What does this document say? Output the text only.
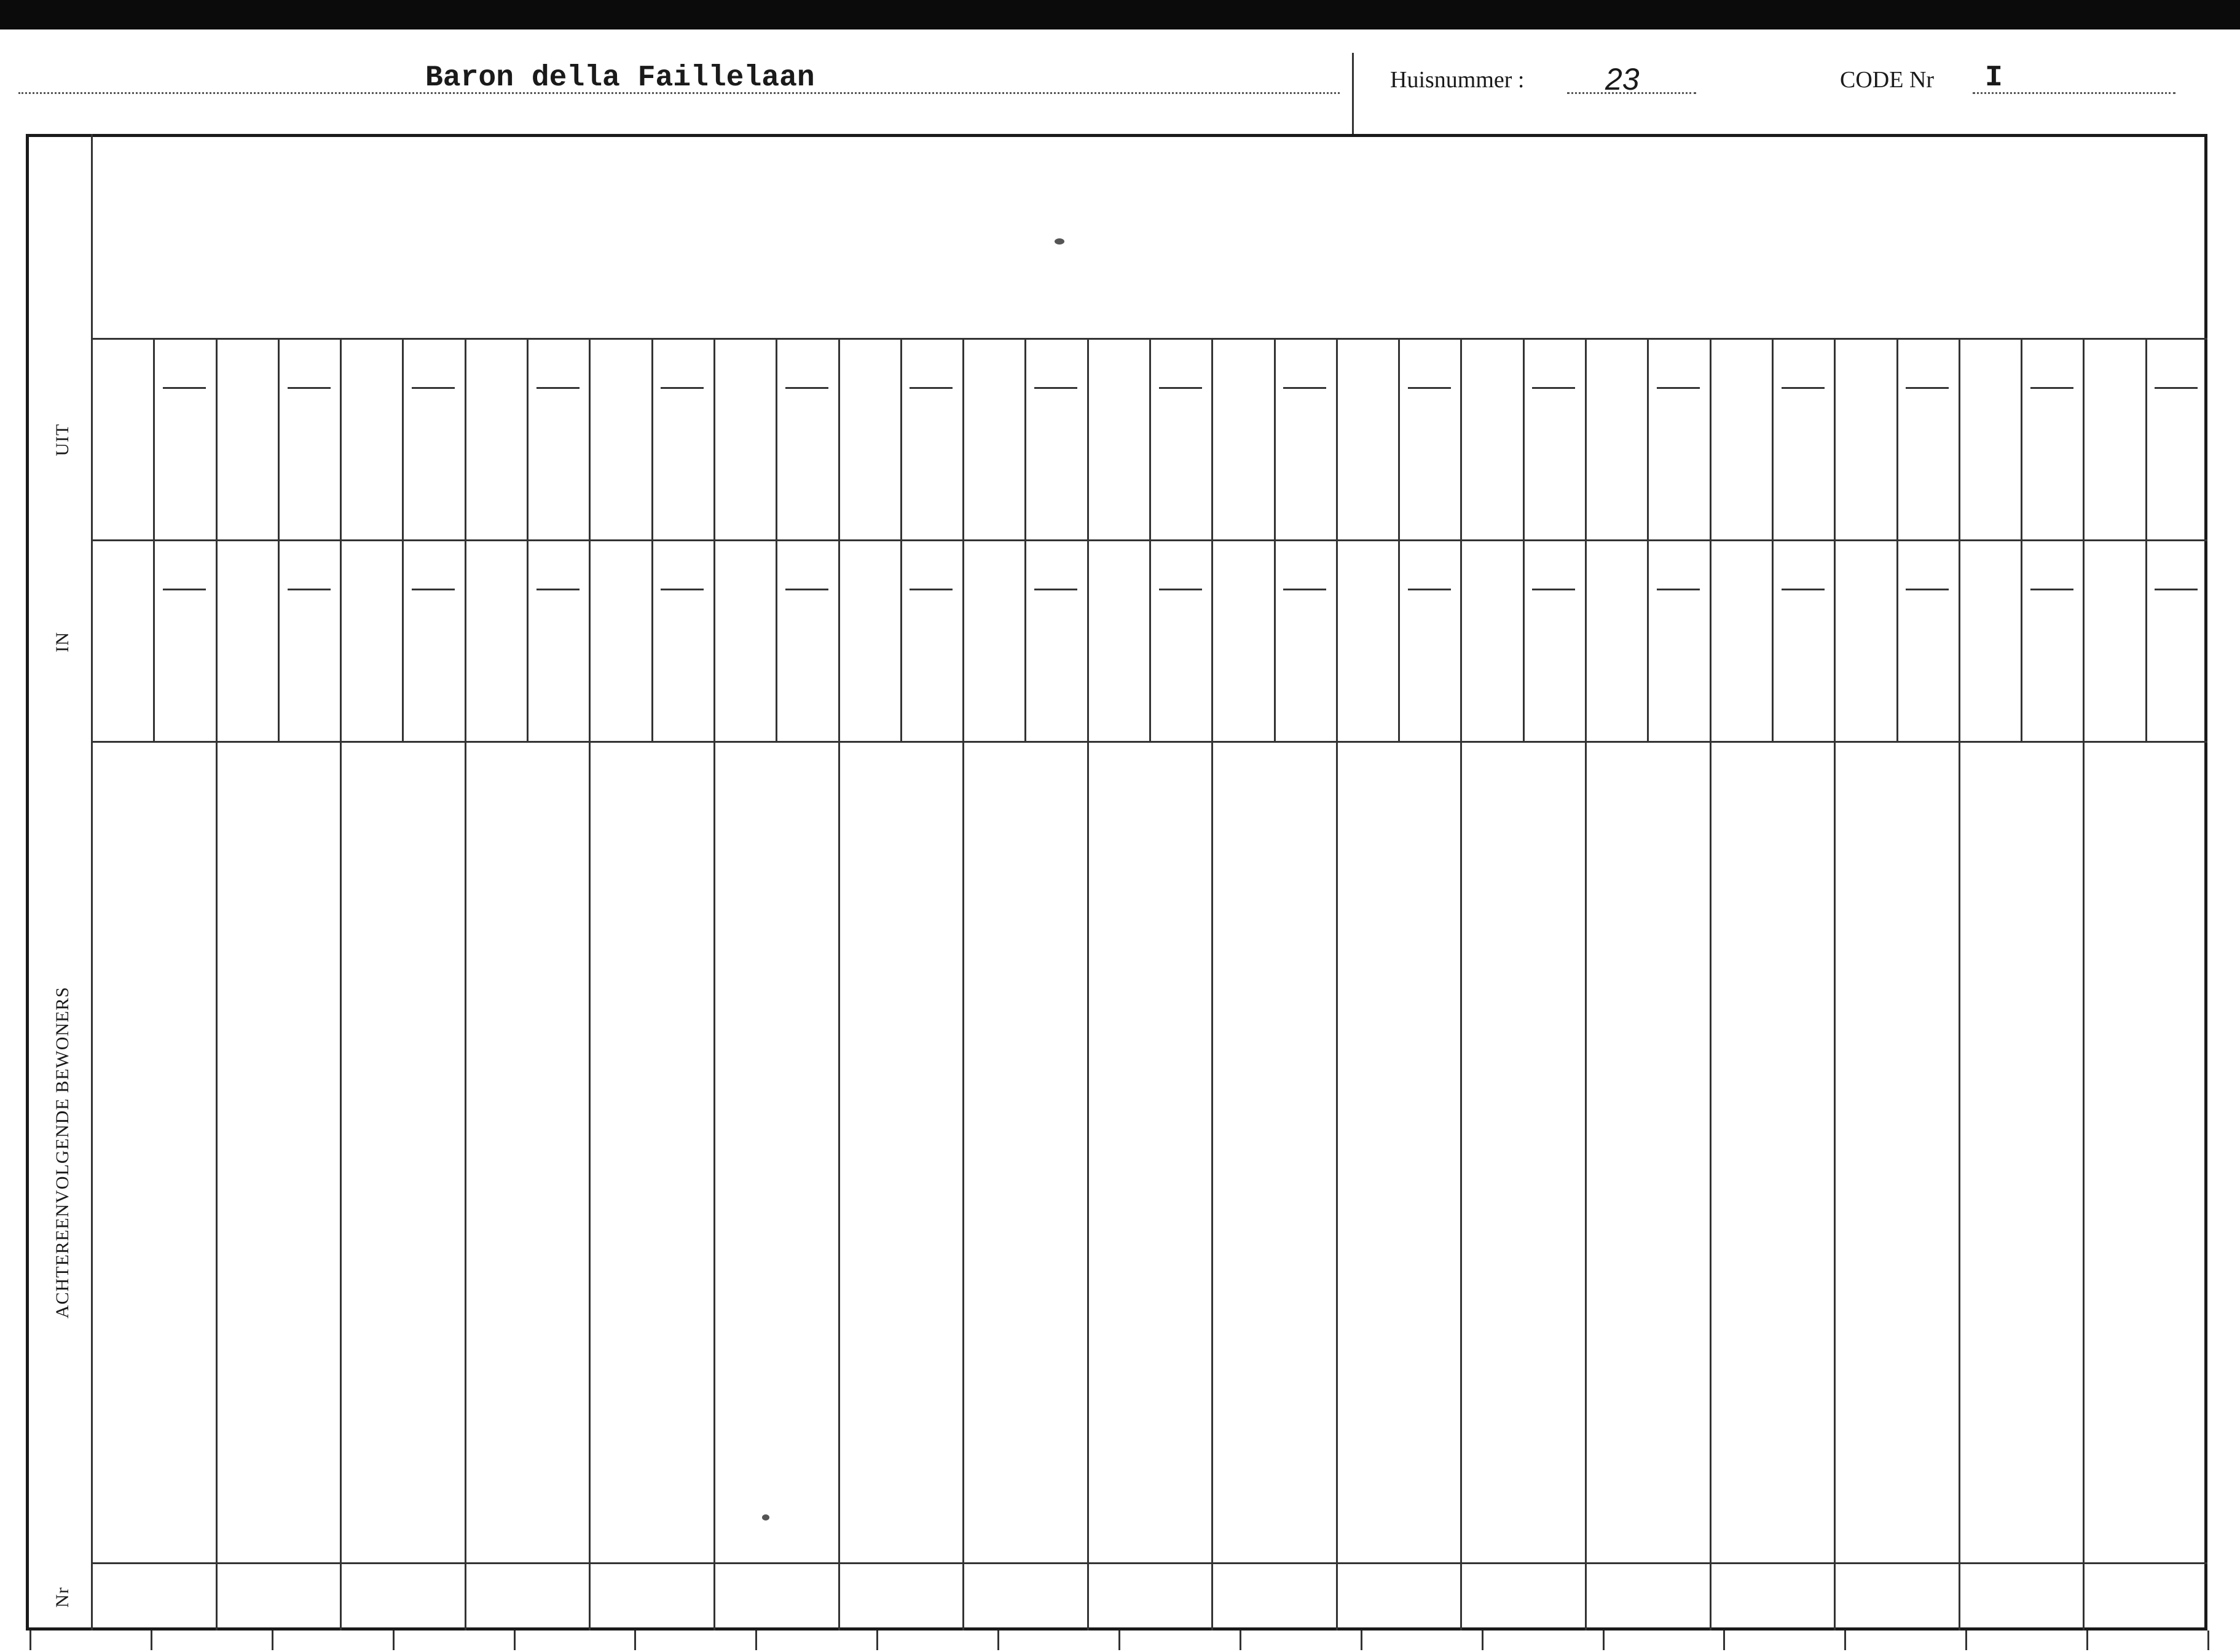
Baron della Faillelaan	Huisnummer :	23	CODE Nr I
UIT
IN
ACHTEREENVOLGENDE BEWONERS
Nr
